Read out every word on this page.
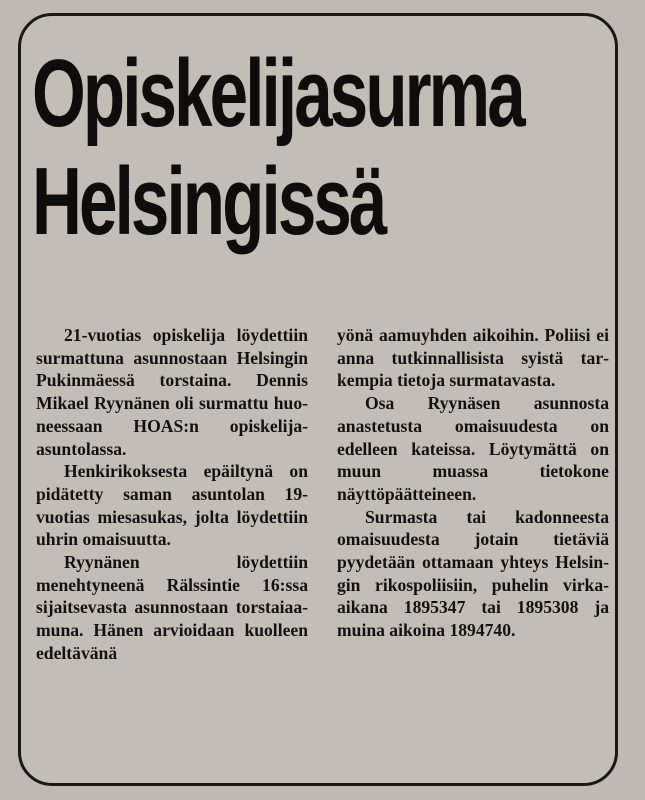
Opiskelijasurma
Helsingissä

21-vuotias opiskelija löydettiin surmattuna asunnostaan Helsingin Pukinmäessä torstaina. Dennis Mikael Ryynänen oli surmattu huoneessaan HOAS:n opiskelija-asuntolassa.

Henkirikoksesta epäiltynä on pidätetty saman asuntolan 19-vuotias miesasukas, jolta löydettiin uhrin omaisuutta.

Ryynänen löydettiin menehtyneenä Rälssintie 16:ssa sijaitsevasta asunnostaan torstaiaamuna. Hänen arvioidaan kuolleen edeltävänä

yönä aamuyhden aikoihin. Poliisi ei anna tutkinnallisista syistä tarkempia tietoja surmatavasta.

Osa Ryynäsen asunnosta anastetusta omaisuudesta on edelleen kateissa. Löytymättä on muun muassa tietokone näyttöpäätteineen.

Surmasta tai kadonneesta omaisuudesta jotain tietäviä pyydetään ottamaan yhteys Helsingin rikospoliisiin, puhelin virka-aikana 1895347 tai 1895308 ja muina aikoina 1894740.
